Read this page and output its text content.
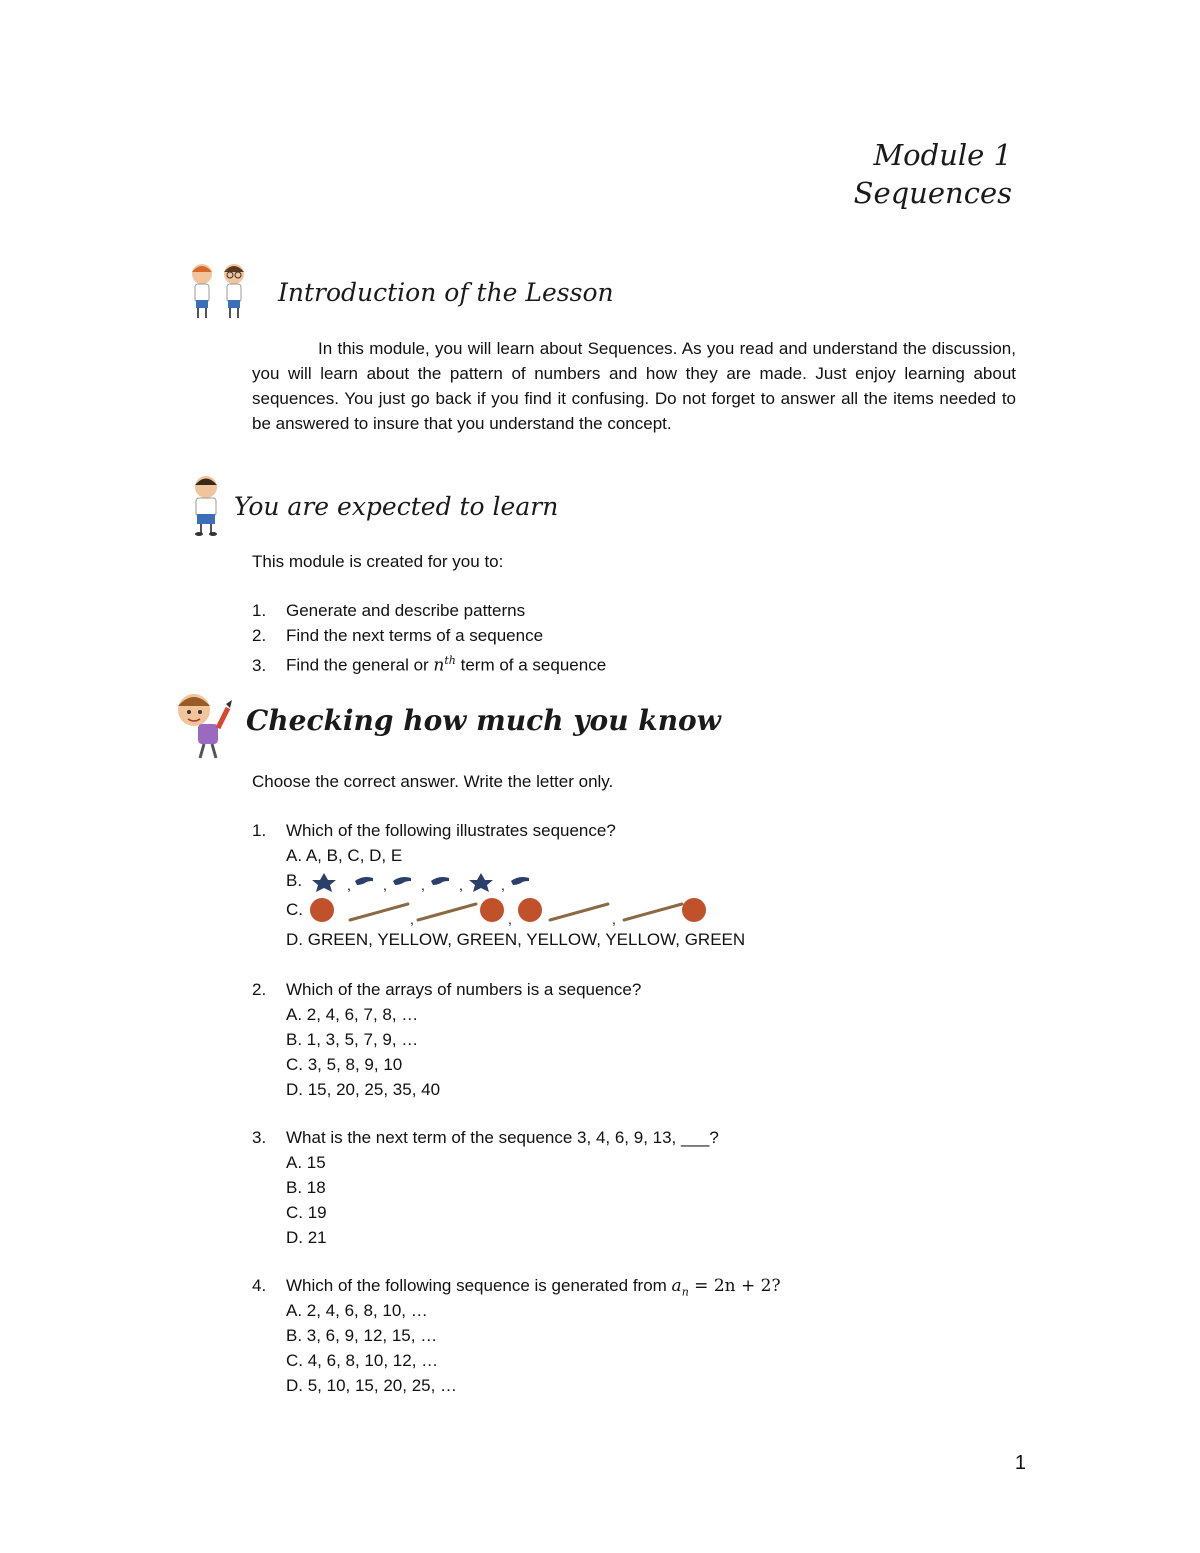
Module 1
Sequences
Introduction of the Lesson
In this module, you will learn about Sequences. As you read and understand the discussion, you will learn about the pattern of numbers and how they are made. Just enjoy learning about sequences. You just go back if you find it confusing. Do not forget to answer all the items needed to be answered to insure that you understand the concept.
You are expected to learn
This module is created for you to:
1. Generate and describe patterns
2. Find the next terms of a sequence
3. Find the general or $n^{th}$ term of a sequence
Checking how much you know
Choose the correct answer. Write the letter only.
1. Which of the following illustrates sequence?
A. A, B, C, D, E
B.	, , , ,	,
C.	,	,	,
D. GREEN, YELLOW, GREEN, YELLOW, YELLOW, GREEN
2. Which of the arrays of numbers is a sequence?
A. 2, 4, 6, 7, 8, …
B. 1, 3, 5, 7, 9, …
C. 3, 5, 8, 9, 10
D. 15, 20, 25, 35, 40
3. What is the next term of the sequence 3, 4, 6, 9, 13, ___?
A. 15
B. 18
C. 19
D. 21
4. Which of the following sequence is generated from $a_n = 2n + 2$?
A. 2, 4, 6, 8, 10, …
B. 3, 6, 9, 12, 15, …
C. 4, 6, 8, 10, 12, …
D. 5, 10, 15, 20, 25, …
1
